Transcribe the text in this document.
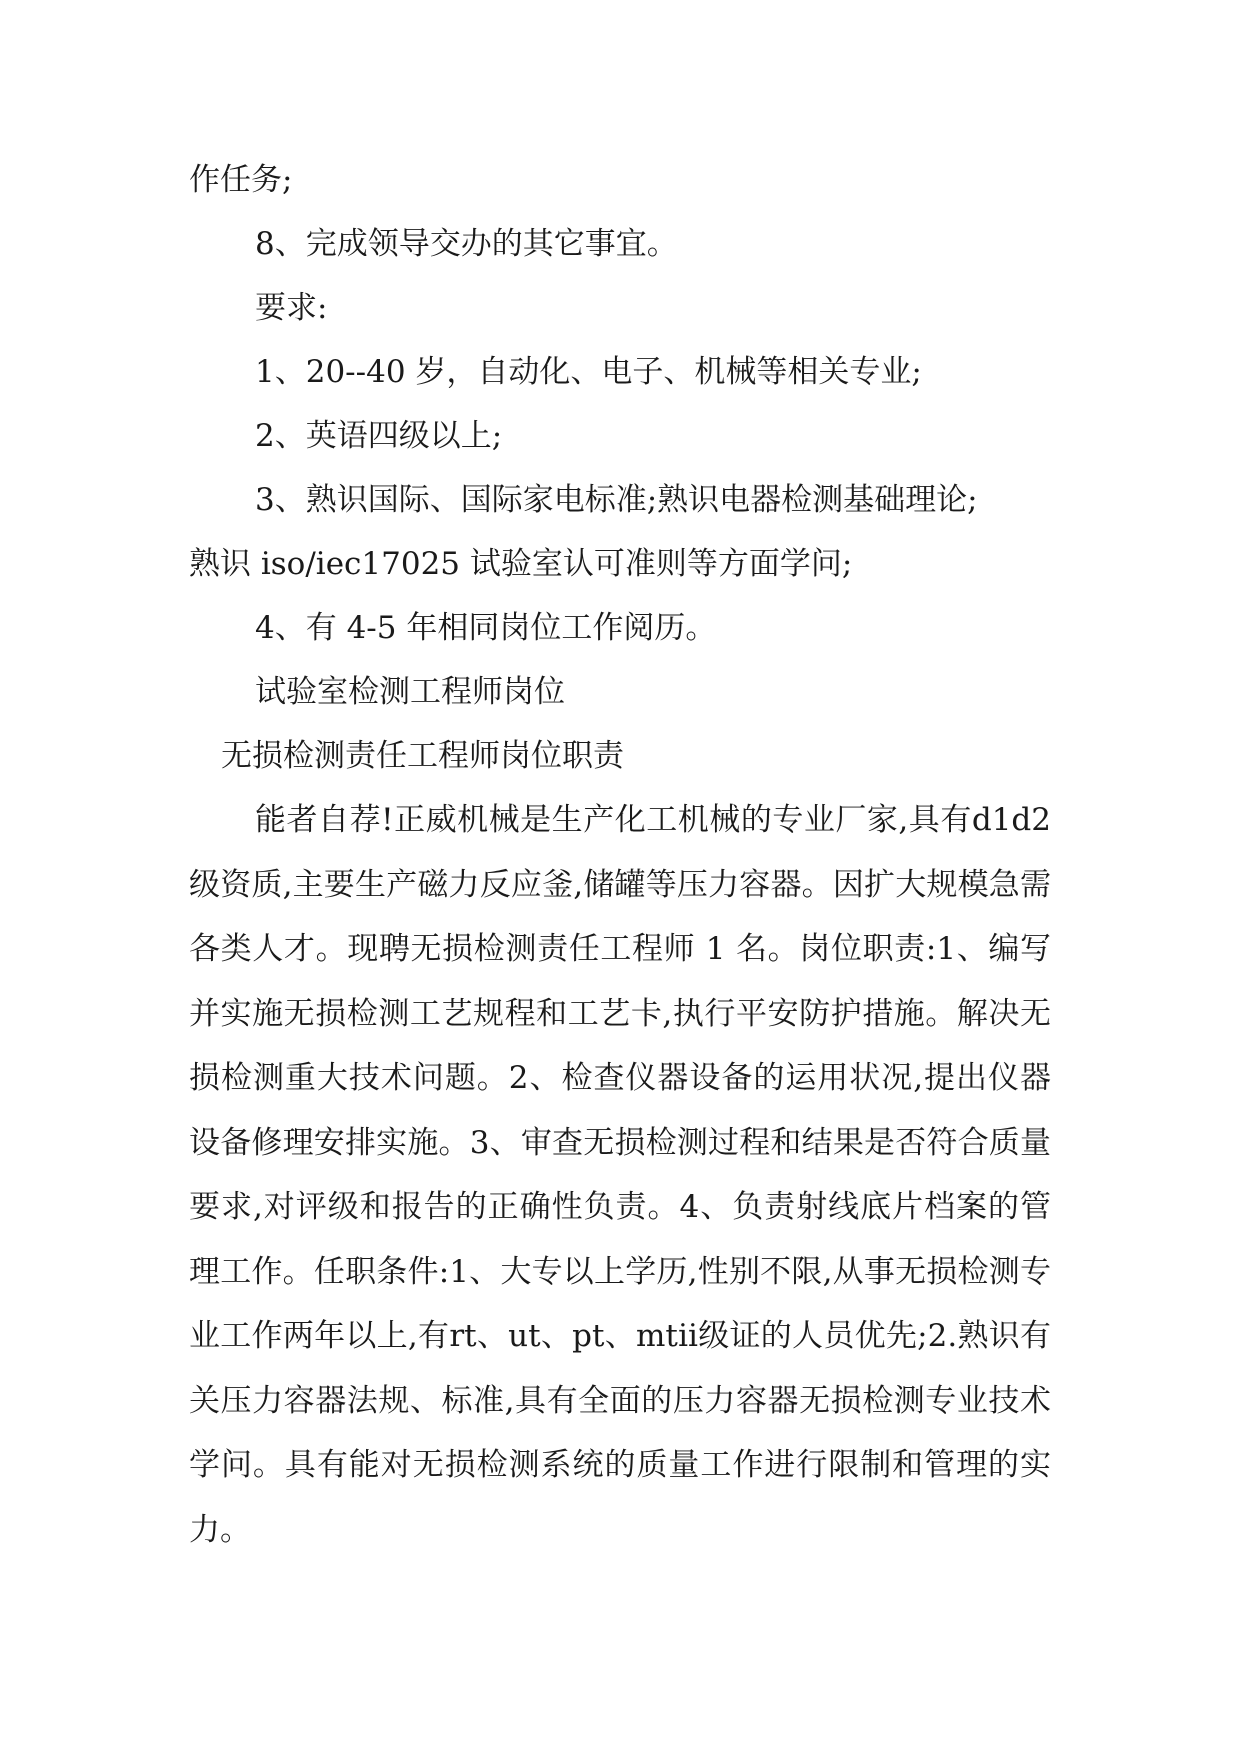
作任务;

8、完成领导交办的其它事宜。

要求:

1、20--40 岁，自动化、电子、机械等相关专业;

2、英语四级以上;

3、熟识国际、国际家电标准;熟识电器检测基础理论;

熟识 iso/iec17025 试验室认可准则等方面学问;

4、有 4-5 年相同岗位工作阅历。

试验室检测工程师岗位

无损检测责任工程师岗位职责

能者自荐!正威机械是生产化工机械的专业厂家,具有d1d2 级资质,主要生产磁力反应釜,储罐等压力容器。因扩大规模急需各类人才。现聘无损检测责任工程师 1 名。岗位职责:1、编写并实施无损检测工艺规程和工艺卡,执行平安防护措施。解决无损检测重大技术问题。2、检查仪器设备的运用状况,提出仪器设备修理安排实施。3、审查无损检测过程和结果是否符合质量要求,对评级和报告的正确性负责。4、负责射线底片档案的管理工作。任职条件:1、大专以上学历,性别不限,从事无损检测专业工作两年以上,有rt、ut、pt、mtⅱ级证的人员优先;2.熟识有关压力容器法规、标准,具有全面的压力容器无损检测专业技术学问。具有能对无损检测系统的质量工作进行限制和管理的实力。
